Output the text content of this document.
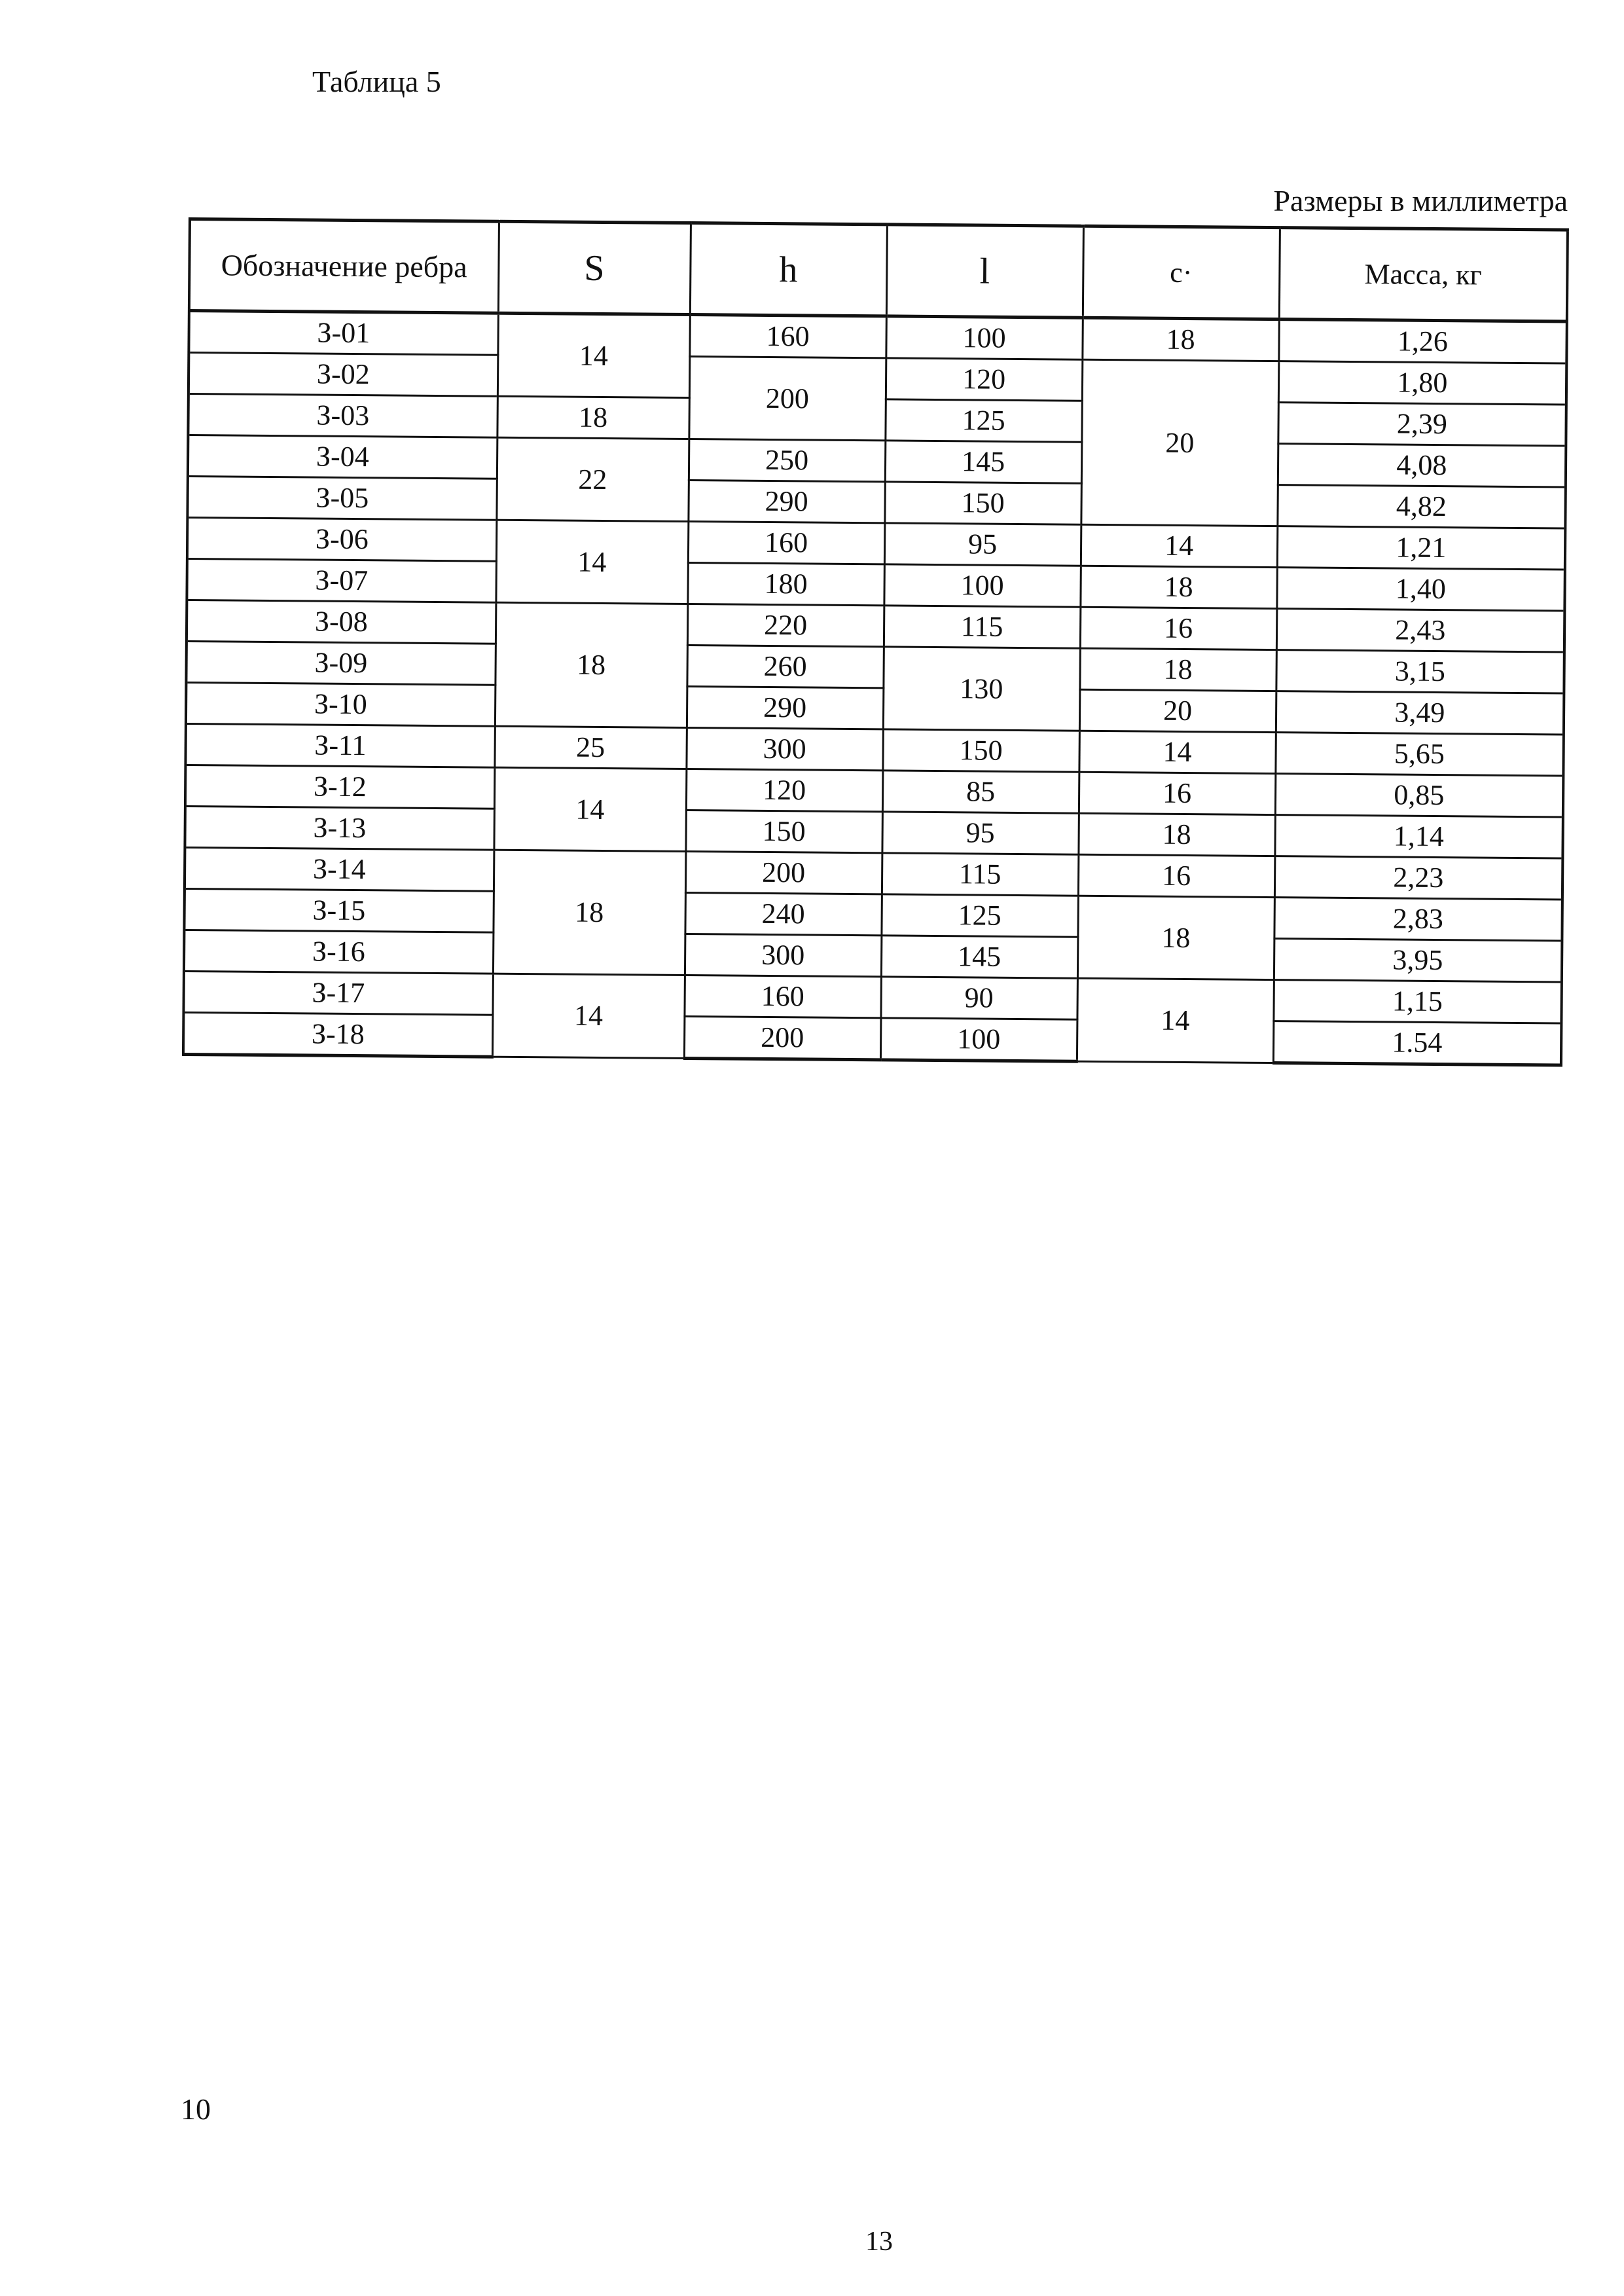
Таблица 5
Размеры в миллиметра
Обозначение ребра	S	h	l	c·	Масса, кг
З-01	14	160	100	18	1,26
З-02		200	120	20	1,80
З-03	18		125		2,39
З-04	22	250	145		4,08
З-05		290	150		4,82
З-06	14	160	95	14	1,21
З-07		180	100	18	1,40
З-08	18	220	115	16	2,43
З-09		260	130	18	3,15
З-10		290		20	3,49
З-11	25	300	150	14	5,65
З-12	14	120	85	16	0,85
З-13		150	95	18	1,14
З-14	18	200	115	16	2,23
З-15		240	125	18	2,83
З-16		300	145		3,95
З-17	14	160	90	14	1,15
З-18		200	100		1.54
10
13
